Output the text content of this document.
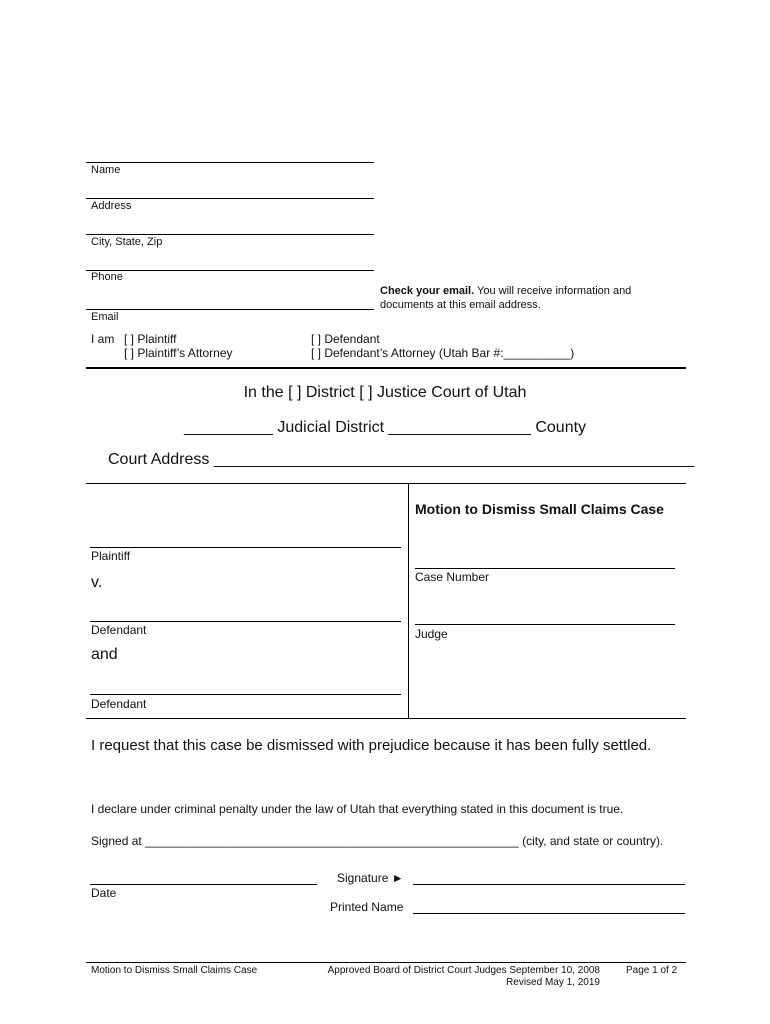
Name
Address
City, State, Zip
Phone
Email
Check your email. You will receive information and documents at this email address.
I am [ ] Plaintiff
[ ] Plaintiff’s Attorney
[ ] Defendant
[ ] Defendant’s Attorney (Utah Bar #:__________)
In the [ ] District [ ] Justice Court of Utah
__________ Judicial District ________________ County
Court Address ______________________________________________________
Plaintiff
v.
Defendant
and
Defendant
Motion to Dismiss Small Claims Case
Case Number
Judge
I request that this case be dismissed with prejudice because it has been fully settled.
I declare under criminal penalty under the law of Utah that everything stated in this document is true.
Signed at ________________________________________________________ (city, and state or country).
Signature ►
Date
Printed Name
Motion to Dismiss Small Claims Case	Approved Board of District Court Judges September 10, 2008
Revised May 1, 2019
Page 1 of 2
